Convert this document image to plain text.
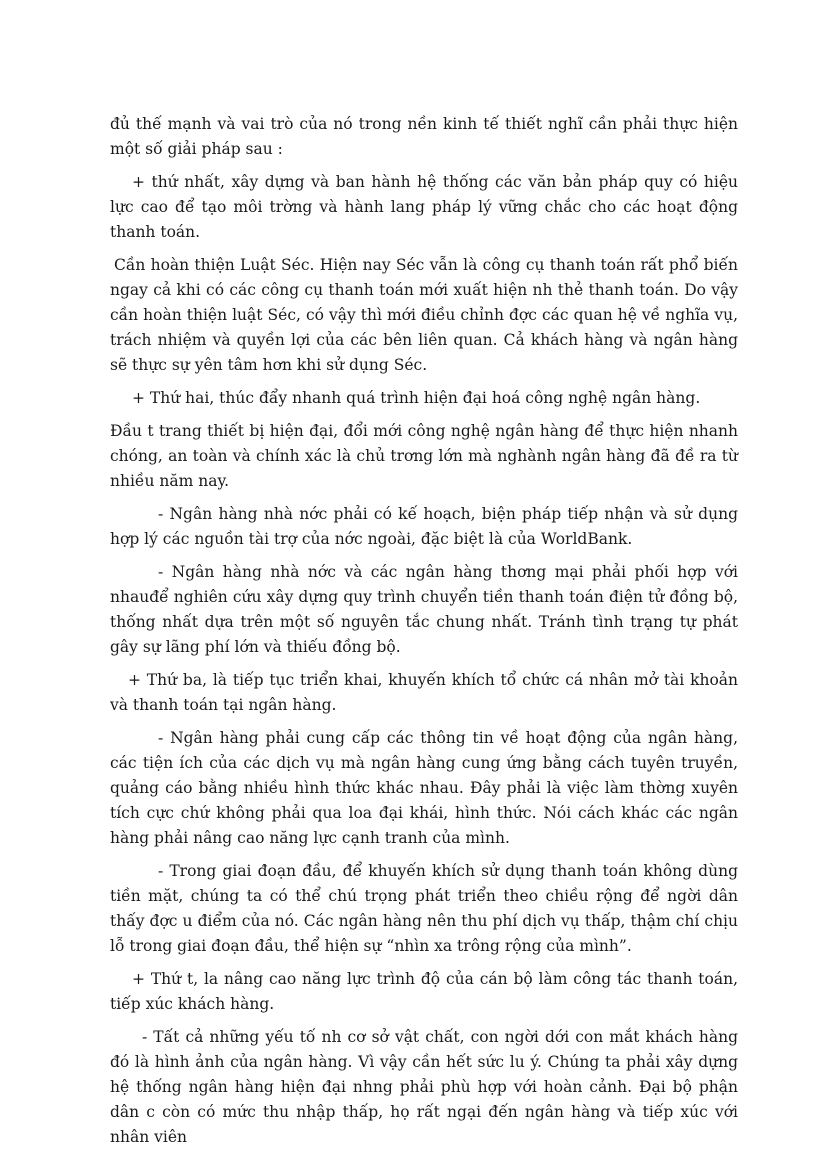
đủ thế mạnh và vai trò của nó trong nền kinh tế thiết nghĩ cần phải thực hiện một số giải pháp sau :

+ thứ nhất, xây dựng và ban hành hệ thống các văn bản pháp quy có hiệu lực cao để tạo môi trờng và hành lang pháp lý vững chắc cho các hoạt động thanh toán.

Cần hoàn thiện Luật Séc. Hiện nay Séc vẫn là công cụ thanh toán rất phổ biến ngay cả khi có các công cụ thanh toán mới xuất hiện nh thẻ thanh toán. Do vậy cần hoàn thiện luật Séc, có vậy thì mới điều chỉnh đợc các quan hệ về nghĩa vụ, trách nhiệm và quyền lợi của các bên liên quan. Cả khách hàng và ngân hàng sẽ thực sự yên tâm hơn khi sử dụng Séc.

+ Thứ hai, thúc đẩy nhanh quá trình hiện đại hoá công nghệ ngân hàng.

Đầu t trang thiết bị hiện đại, đổi mới công nghệ ngân hàng để thực hiện nhanh chóng, an toàn và chính xác là chủ trơng lớn mà nghành ngân hàng đã đề ra từ nhiều năm nay.

- Ngân hàng nhà nớc phải có kế hoạch, biện pháp tiếp nhận và sử dụng hợp lý các nguồn tài trợ của nớc ngoài, đặc biệt là của WorldBank.

- Ngân hàng nhà nớc và các ngân hàng thơng mại phải phối hợp với nhauđể nghiên cứu xây dựng quy trình chuyển tiền thanh toán điện tử đồng bộ, thống nhất dựa trên một số nguyên tắc chung nhất. Tránh tình trạng tự phát gây sự lãng phí lớn và thiếu đồng bộ.

+ Thứ ba, là tiếp tục triển khai, khuyến khích tổ chức cá nhân mở tài khoản và thanh toán tại ngân hàng.

- Ngân hàng phải cung cấp các thông tin về hoạt động của ngân hàng, các tiện ích của các dịch vụ mà ngân hàng cung ứng bằng cách tuyên truyền, quảng cáo bằng nhiều hình thức khác nhau. Đây phải là việc làm thờng xuyên tích cực chứ không phải qua loa đại khái, hình thức. Nói cách khác các ngân hàng phải nâng cao năng lực cạnh tranh của mình.

- Trong giai đoạn đầu, để khuyến khích sử dụng thanh toán không dùng tiền mặt, chúng ta có thể chú trọng phát triển theo chiều rộng để ngời dân thấy đợc u điểm của nó. Các ngân hàng nên thu phí dịch vụ thấp, thậm chí chịu lỗ trong giai đoạn đầu, thể hiện sự “nhìn xa trông rộng của mình”.

+ Thứ t, la nâng cao năng lực trình độ của cán bộ làm công tác thanh toán, tiếp xúc khách hàng.

- Tất cả những yếu tố nh cơ sở vật chất, con ngời dới con mắt khách hàng đó là hình ảnh của ngân hàng. Vì vậy cần hết sức lu ý. Chúng ta phải xây dựng hệ thống ngân hàng hiện đại nhng phải phù hợp với hoàn cảnh. Đại bộ phận dân c còn có mức thu nhập thấp, họ rất ngại đến ngân hàng và tiếp xúc với nhân viên
